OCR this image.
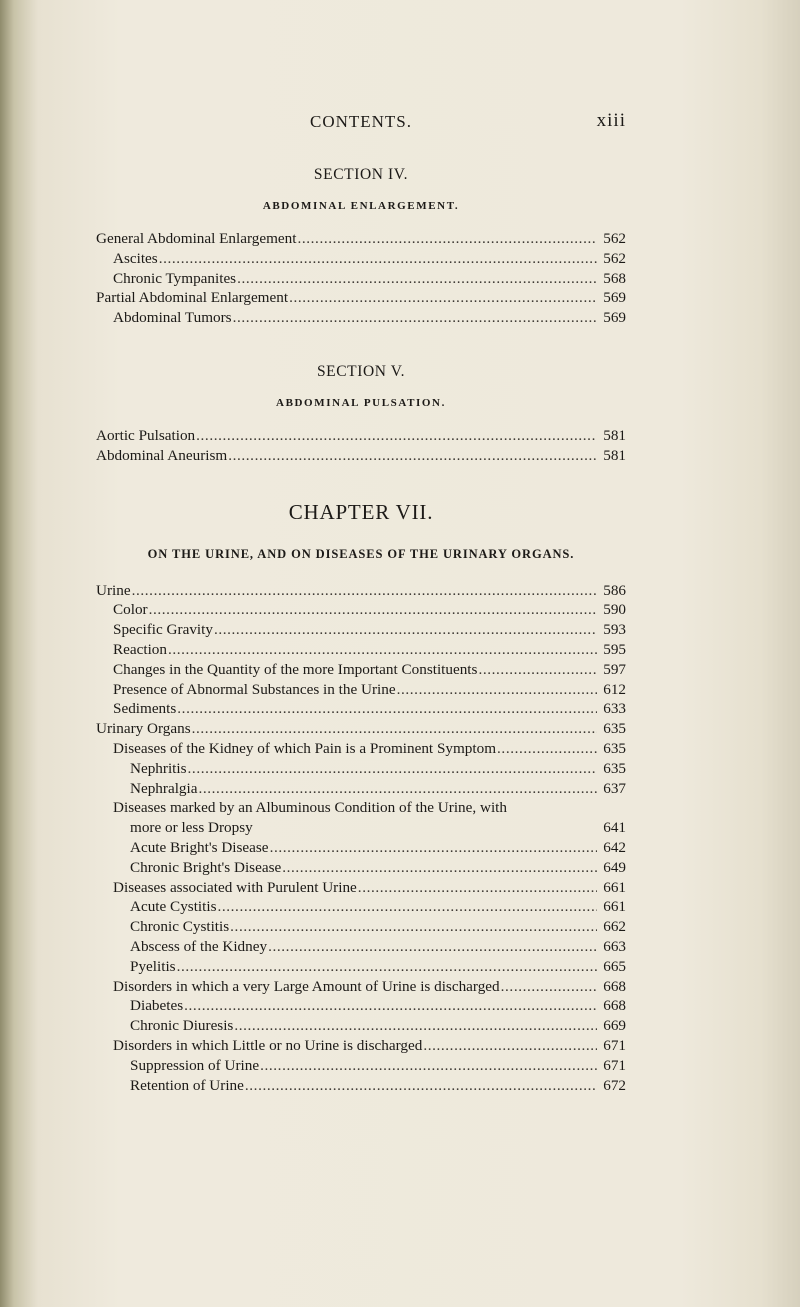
CONTENTS.	xiii
SECTION IV.
ABDOMINAL ENLARGEMENT.
General Abdominal Enlargement . . .	562
Ascites . . .	562
Chronic Tympanites . . .	568
Partial Abdominal Enlargement . . .	569
Abdominal Tumors . . .	569
SECTION V.
ABDOMINAL PULSATION.
Aortic Pulsation . . .	581
Abdominal Aneurism . . .	581
CHAPTER VII.
ON THE URINE, AND ON DISEASES OF THE URINARY ORGANS.
Urine . . .	586
Color . . .	590
Specific Gravity . . .	593
Reaction . . .	595
Changes in the Quantity of the more Important Constituents . . .	597
Presence of Abnormal Substances in the Urine . . .	612
Sediments . . .	633
Urinary Organs . . .	635
Diseases of the Kidney of which Pain is a Prominent Symptom . . .	635
Nephritis . . .	635
Nephralgia . . .	637
Diseases marked by an Albuminous Condition of the Urine, with
more or less Dropsy	641
Acute Bright's Disease . . .	642
Chronic Bright's Disease . . .	649
Diseases associated with Purulent Urine . . .	661
Acute Cystitis . . .	661
Chronic Cystitis . . .	662
Abscess of the Kidney . . .	663
Pyelitis . . .	665
Disorders in which a very Large Amount of Urine is discharged . . .	668
Diabetes . . .	668
Chronic Diuresis . . .	669
Disorders in which Little or no Urine is discharged . . .	671
Suppression of Urine . . .	671
Retention of Urine . . .	672
